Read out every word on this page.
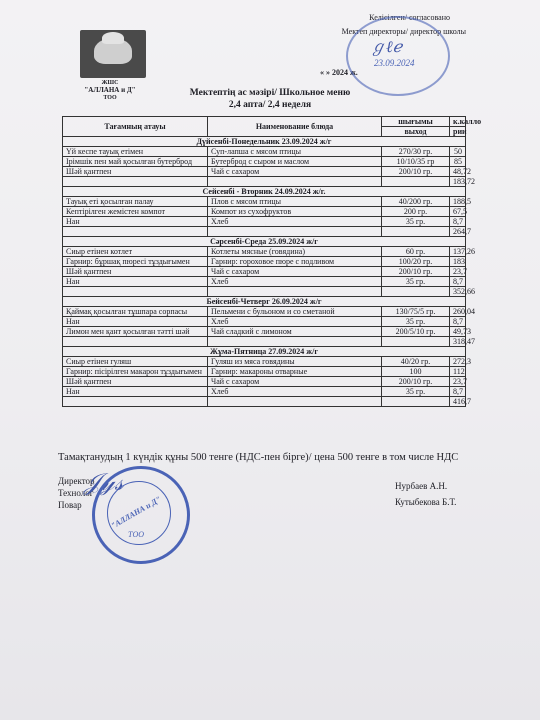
Келісілген/ согласовано
Мектеп директоры/ директор школы
« » 2024 ж.
ℊℓℯ
23.09.2024
ЖШС
"АЛЛАНА и Д"
ТОО	Мектептің ас мәзірі/ Школьное меню
2,4 апта/ 2,4 неделя
Тағамның атауы	Наименование блюда	шығымы	к.калло
		выход	рии
Дүйсенбі-Понедельник 23.09.2024 ж/г			
Үй кеспе тауық етімен	Суп-лапша с мясом птицы	270/30 гр.	50
Ірімшік пен май қосылған бутерброд	Бутерброд с сыром и маслом	10/10/35 гр	85
Шәй қантпен	Чай с сахаром	200/10 гр.	48,72
			183,72
Сейсенбі - Вторник 24.09.2024 ж/г.			
Тауық еті қосылған палау	Плов с мясом птицы	40/200 гр.	188,5
Кептірілген жемістен компот	Компот из сухофруктов	200 гр.	67,5
Нан	Хлеб	35 гр.	8,7
			264,7
Сәрсенбі-Среда 25.09.2024 ж/г			
Сиыр етінен котлет	Котлеты мясные (говядина)	60 гр.	137,26
Гарнир: бұршақ пюресі тұздығымен	Гарнир: гороховое пюре с подливом	100/20 гр.	183
Шәй қантпен	Чай с сахаром	200/10 гр.	23,7
Нан	Хлеб	35 гр.	8,7
			352,66
Бейсенбі-Четверг 26.09.2024 ж/г			
Қаймақ қосылған тұшпара сорпасы	Пельмени с бульоном и со сметаной	130/75/5 гр.	260,04
Нан	Хлеб	35 гр.	8,7
Лимон мен қант қосылған тәтті шәй	Чай сладкий с лимоном	200/5/10 гр.	49,73
			318,47
Жұма-Пятница 27.09.2024 ж/г			
Сиыр етінен гуляш	Гуляш из мяса говядины	40/20 гр.	272,3
Гарнир: пісірілген макарон тұздығымен	Гарнир: макароны отварные	100	112
Шәй қантпен	Чай с сахаром	200/10 гр.	23,7
Нан	Хлеб	35 гр.	8,7
			416,7
Тамақтанудың 1 күндік құны 500 тенге (НДС-пен бірге)/ цена 500 тенге в том числе НДС
Директор
Технолог
Повар
Нурбаев А.Н.
Кутыбекова Б.Т.
𝒥𝓎𝓈
"АЛЛАНА и Д"
ТОО
